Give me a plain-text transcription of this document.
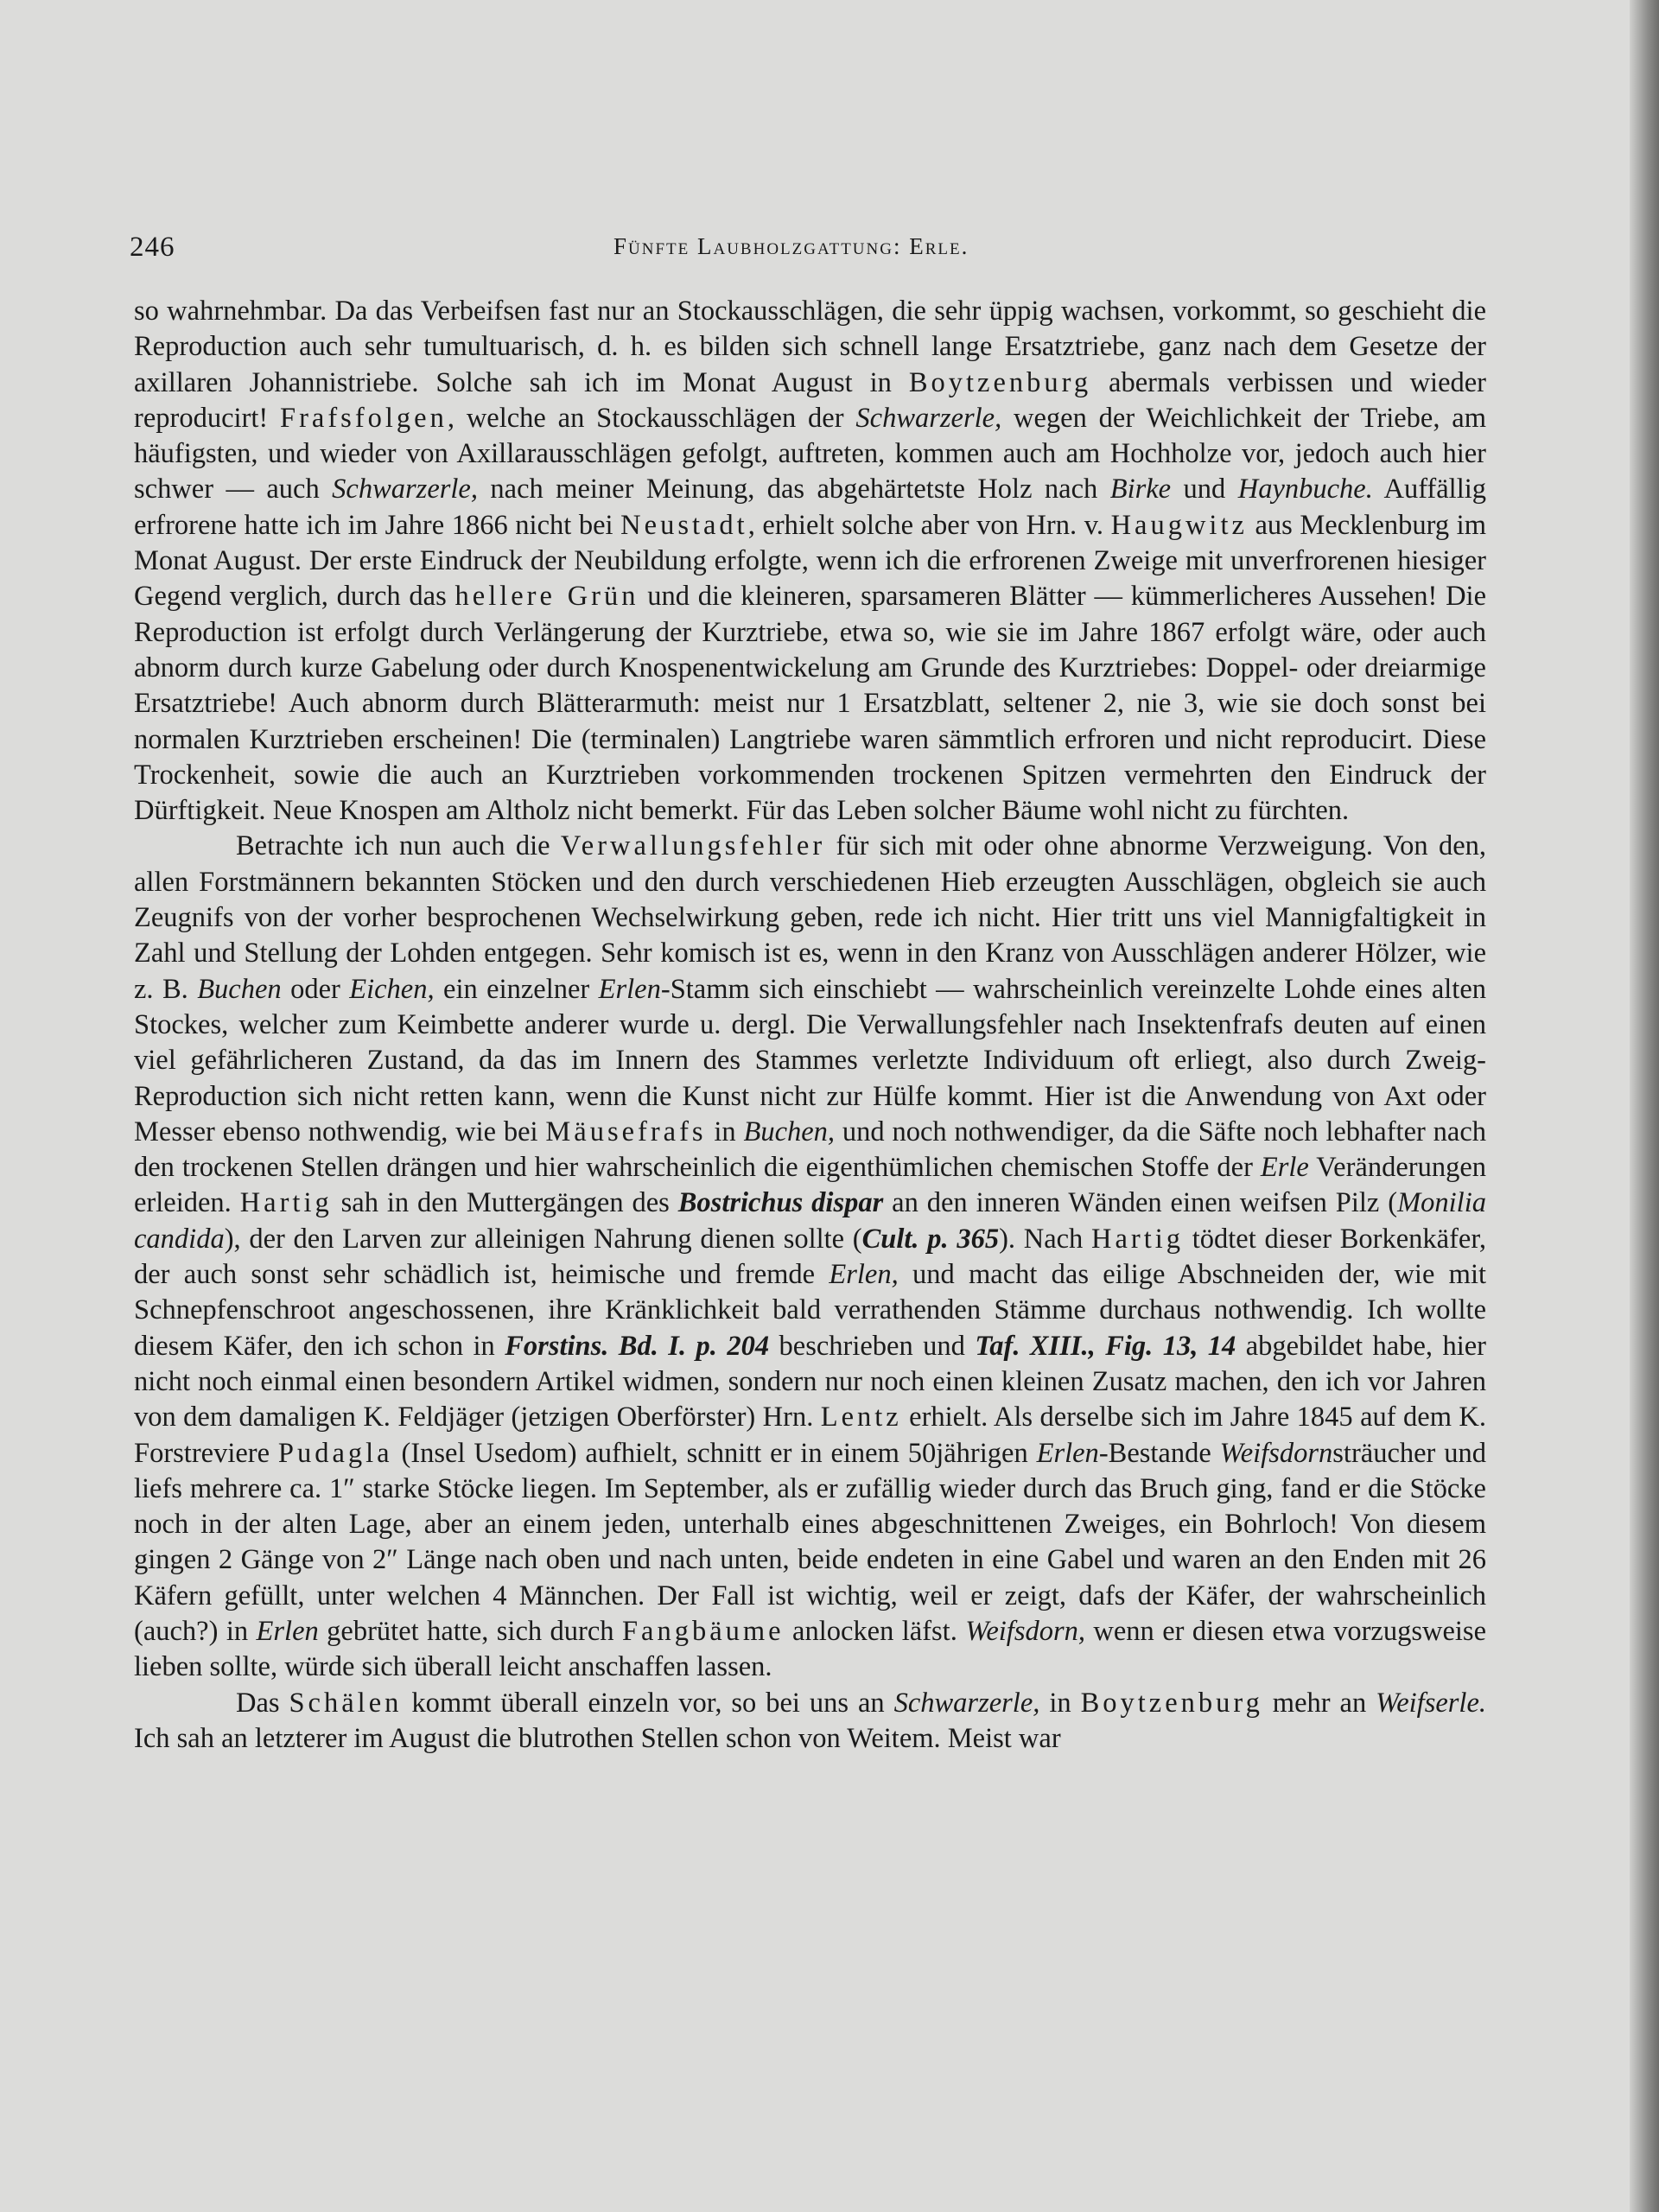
246	Fünfte Laubholzgattung: Erle.

so wahrnehmbar. Da das Verbeifsen fast nur an Stockausschlägen, die sehr üppig wachsen, vorkommt, so geschieht die Reproduction auch sehr tumultuarisch, d. h. es bilden sich schnell lange Ersatztriebe, ganz nach dem Gesetze der axillaren Johannistriebe. Solche sah ich im Monat August in Boytzenburg abermals verbissen und wieder reproducirt! Frafsfolgen, welche an Stockausschlägen der Schwarzerle, wegen der Weichlichkeit der Triebe, am häufigsten, und wieder von Axillarausschlägen gefolgt, auftreten, kommen auch am Hochholze vor, jedoch auch hier schwer — auch Schwarzerle, nach meiner Meinung, das abgehärtetste Holz nach Birke und Haynbuche. Auffällig erfrorene hatte ich im Jahre 1866 nicht bei Neustadt, erhielt solche aber von Hrn. v. Haugwitz aus Mecklenburg im Monat August. Der erste Eindruck der Neubildung erfolgte, wenn ich die erfrorenen Zweige mit unverfrorenen hiesiger Gegend verglich, durch das hellere Grün und die kleineren, sparsameren Blätter — kümmerlicheres Aussehen! Die Reproduction ist erfolgt durch Verlängerung der Kurztriebe, etwa so, wie sie im Jahre 1867 erfolgt wäre, oder auch abnorm durch kurze Gabelung oder durch Knospenentwickelung am Grunde des Kurztriebes: Doppel- oder dreiarmige Ersatztriebe! Auch abnorm durch Blätterarmuth: meist nur 1 Ersatzblatt, seltener 2, nie 3, wie sie doch sonst bei normalen Kurztrieben erscheinen! Die (terminalen) Langtriebe waren sämmtlich erfroren und nicht reproducirt. Diese Trockenheit, sowie die auch an Kurztrieben vorkommenden trockenen Spitzen vermehrten den Eindruck der Dürftigkeit. Neue Knospen am Altholz nicht bemerkt. Für das Leben solcher Bäume wohl nicht zu fürchten.

Betrachte ich nun auch die Verwallungsfehler für sich mit oder ohne abnorme Verzweigung. Von den, allen Forstmännern bekannten Stöcken und den durch verschiedenen Hieb erzeugten Ausschlägen, obgleich sie auch Zeugnifs von der vorher besprochenen Wechselwirkung geben, rede ich nicht. Hier tritt uns viel Mannigfaltigkeit in Zahl und Stellung der Lohden entgegen. Sehr komisch ist es, wenn in den Kranz von Ausschlägen anderer Hölzer, wie z. B. Buchen oder Eichen, ein einzelner Erlen-Stamm sich einschiebt — wahrscheinlich vereinzelte Lohde eines alten Stockes, welcher zum Keimbette anderer wurde u. dergl. Die Verwallungsfehler nach Insektenfrafs deuten auf einen viel gefährlicheren Zustand, da das im Innern des Stammes verletzte Individuum oft erliegt, also durch Zweig-Reproduction sich nicht retten kann, wenn die Kunst nicht zur Hülfe kommt. Hier ist die Anwendung von Axt oder Messer ebenso nothwendig, wie bei Mäusefrafs in Buchen, und noch nothwendiger, da die Säfte noch lebhafter nach den trockenen Stellen drängen und hier wahrscheinlich die eigenthümlichen chemischen Stoffe der Erle Veränderungen erleiden. Hartig sah in den Muttergängen des Bostrichus dispar an den inneren Wänden einen weifsen Pilz (Monilia candida), der den Larven zur alleinigen Nahrung dienen sollte (Cult. p. 365). Nach Hartig tödtet dieser Borkenkäfer, der auch sonst sehr schädlich ist, heimische und fremde Erlen, und macht das eilige Abschneiden der, wie mit Schnepfenschroot angeschossenen, ihre Kränklichkeit bald verrathenden Stämme durchaus nothwendig. Ich wollte diesem Käfer, den ich schon in Forstins. Bd. I. p. 204 beschrieben und Taf. XIII., Fig. 13, 14 abgebildet habe, hier nicht noch einmal einen besondern Artikel widmen, sondern nur noch einen kleinen Zusatz machen, den ich vor Jahren von dem damaligen K. Feldjäger (jetzigen Oberförster) Hrn. Lentz erhielt. Als derselbe sich im Jahre 1845 auf dem K. Forstreviere Pudagla (Insel Usedom) aufhielt, schnitt er in einem 50jährigen Erlen-Bestande Weifsdornsträucher und liefs mehrere ca. 1″ starke Stöcke liegen. Im September, als er zufällig wieder durch das Bruch ging, fand er die Stöcke noch in der alten Lage, aber an einem jeden, unterhalb eines abgeschnittenen Zweiges, ein Bohrloch! Von diesem gingen 2 Gänge von 2″ Länge nach oben und nach unten, beide endeten in eine Gabel und waren an den Enden mit 26 Käfern gefüllt, unter welchen 4 Männchen. Der Fall ist wichtig, weil er zeigt, dafs der Käfer, der wahrscheinlich (auch?) in Erlen gebrütet hatte, sich durch Fangbäume anlocken läfst. Weifsdorn, wenn er diesen etwa vorzugsweise lieben sollte, würde sich überall leicht anschaffen lassen.

Das Schälen kommt überall einzeln vor, so bei uns an Schwarzerle, in Boytzenburg mehr an Weifserle. Ich sah an letzterer im August die blutrothen Stellen schon von Weitem. Meist war
